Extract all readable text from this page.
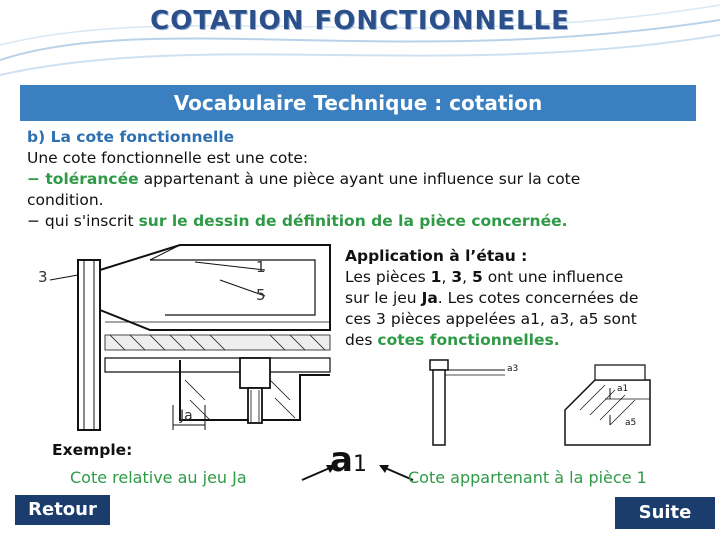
COTATION FONCTIONNELLE
Vocabulaire Technique : cotation
b) La cote fonctionnelle
Une cote fonctionnelle est une cote:
− tolérancée appartenant à une pièce ayant une influence sur la cote
condition.
− qui s'inscrit sur le dessin de définition de la pièce concernée.
Application à l’étau :
Les pièces 1, 3, 5 ont une influence
sur le jeu Ja. Les cotes concernées de
ces 3 pièces appelées a1, a3, a5 sont
des cotes fonctionnelles.
3
1
5
Ja
a3
a1
a5
Exemple:
Cote relative au jeu Ja a1
Cote appartenant à la pièce 1
Retour	Suite
